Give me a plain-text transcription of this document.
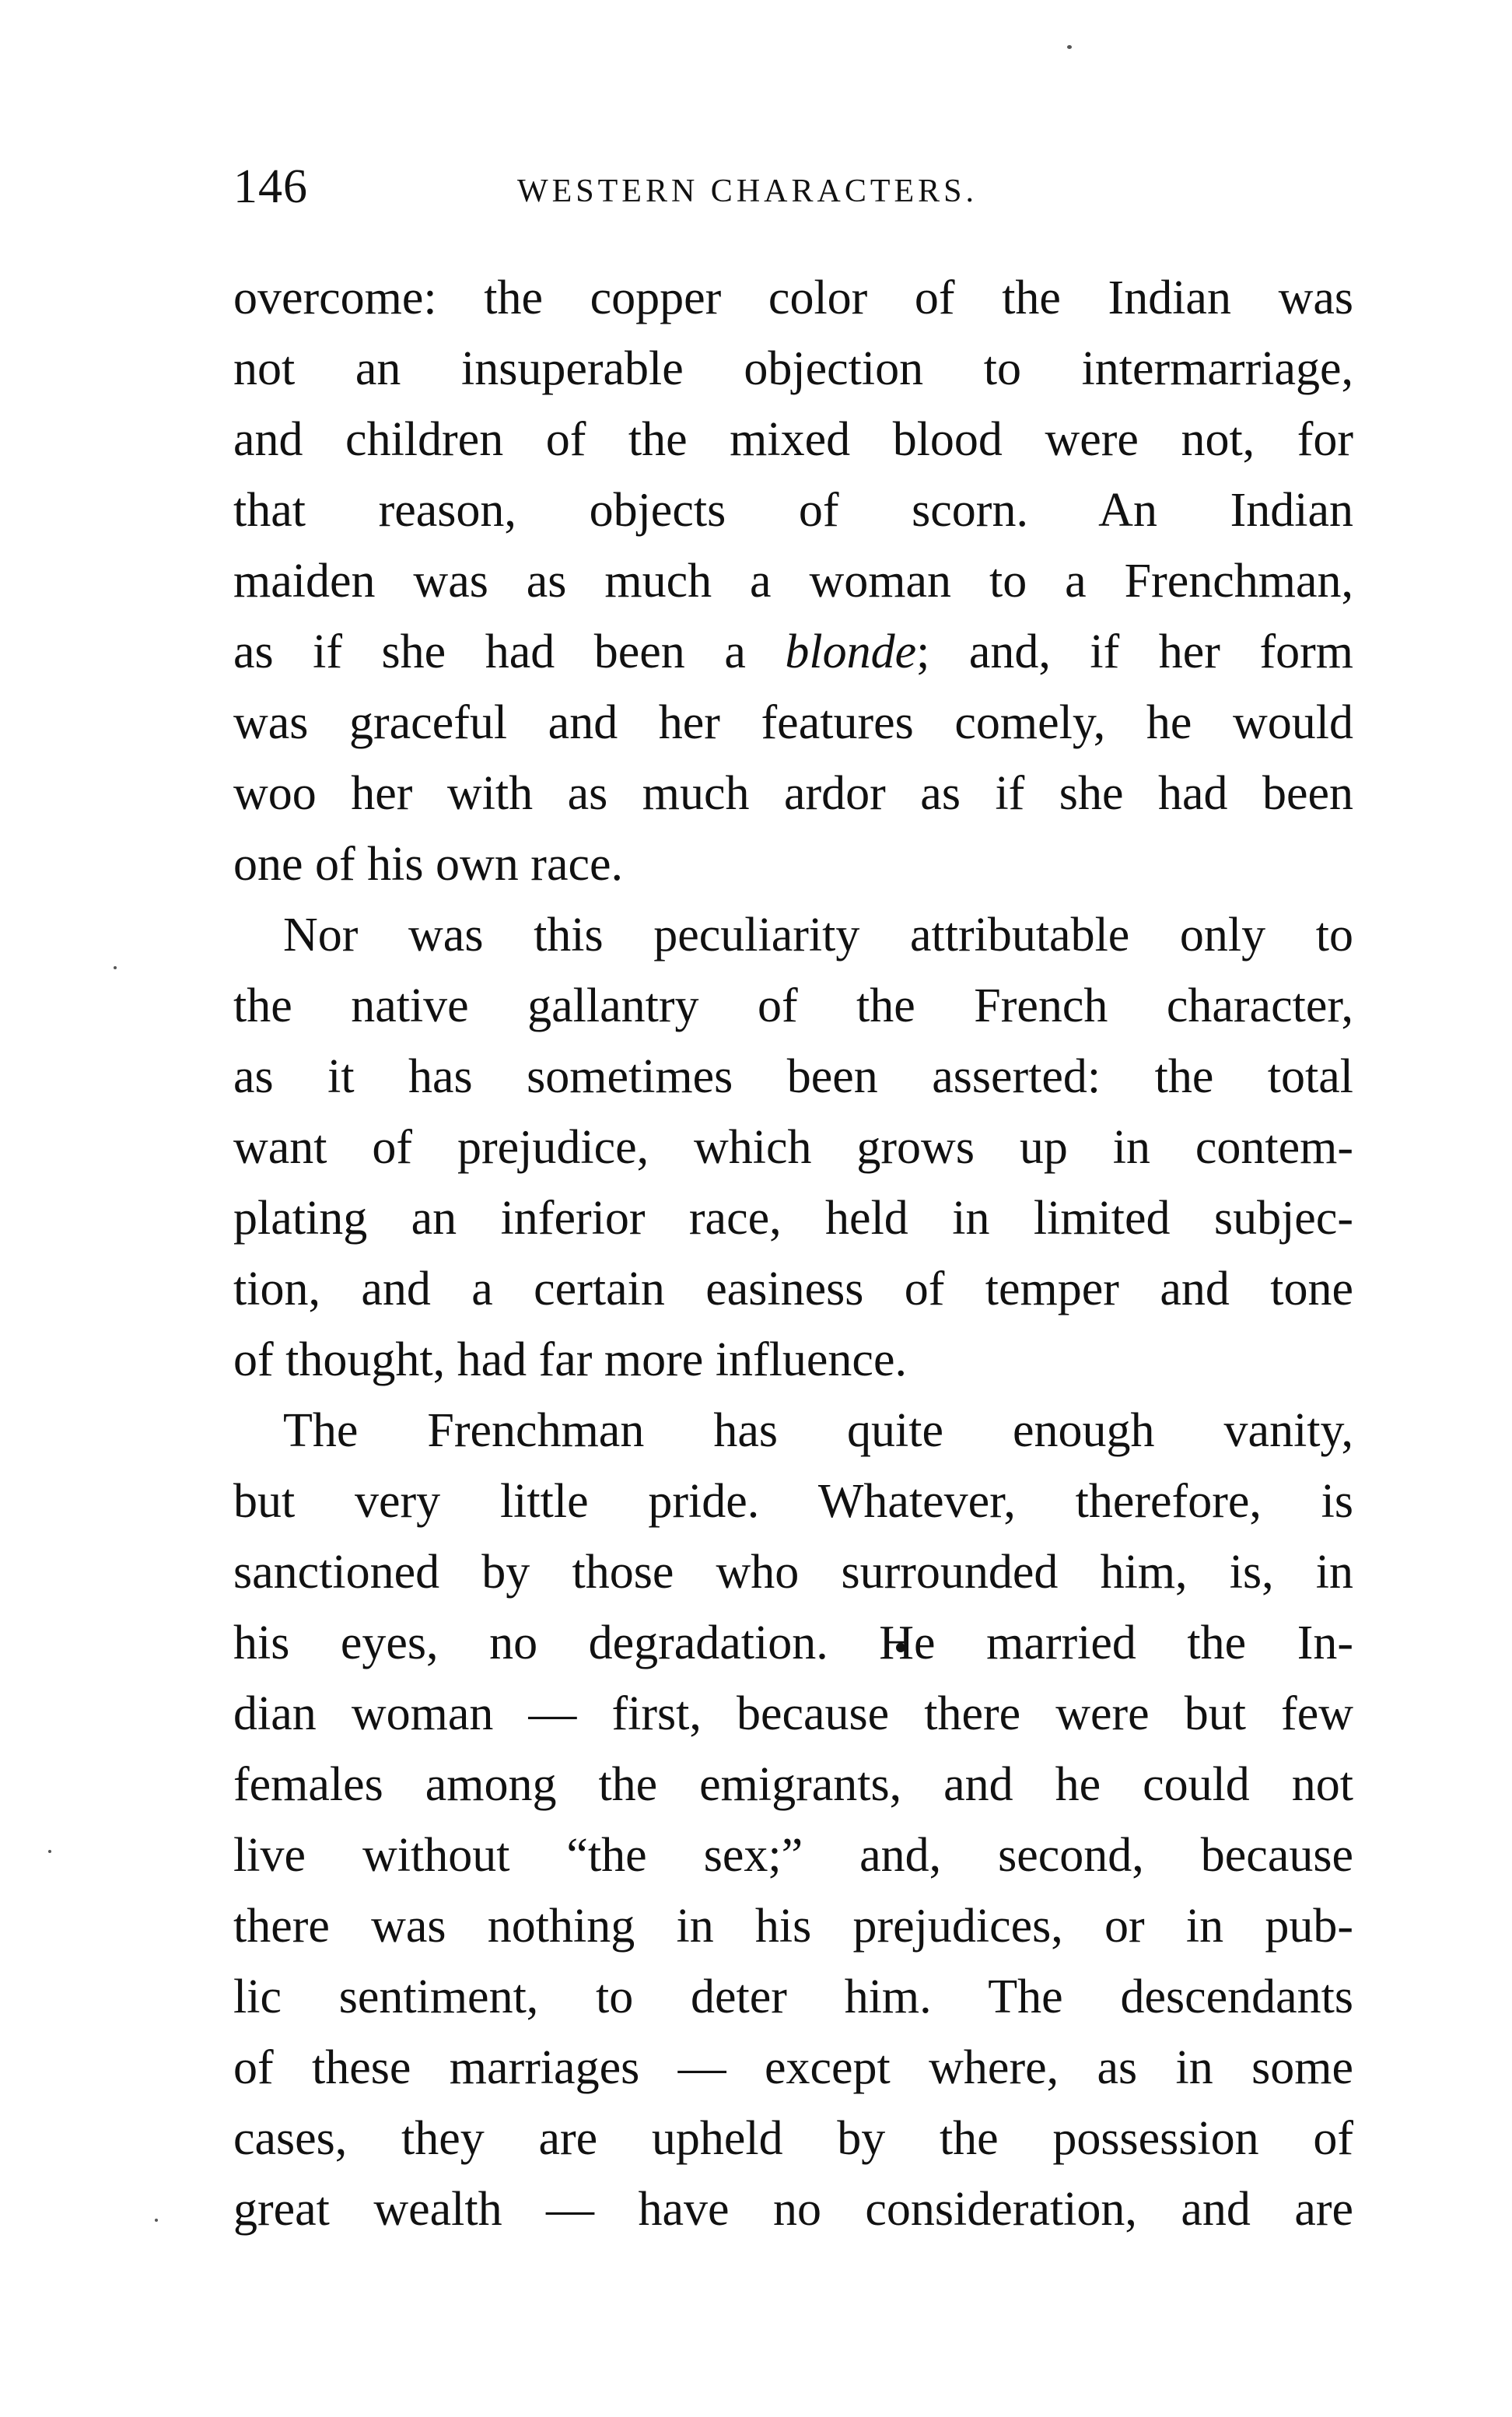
146	WESTERN CHARACTERS.
overcome: the copper color of the Indian was
not an insuperable objection to intermarriage,
and children of the mixed blood were not, for
that reason, objects of scorn. An Indian
maiden was as much a woman to a Frenchman,
as if she had been a blonde; and, if her form
was graceful and her features comely, he would
woo her with as much ardor as if she had been
one of his own race.
Nor was this peculiarity attributable only to
the native gallantry of the French character,
as it has sometimes been asserted: the total
want of prejudice, which grows up in contem-
plating an inferior race, held in limited subjec-
tion, and a certain easiness of temper and tone
of thought, had far more influence.
The Frenchman has quite enough vanity,
but very little pride. Whatever, therefore, is
sanctioned by those who surrounded him, is, in
his eyes, no degradation. He married the In-
dian woman — first, because there were but few
females among the emigrants, and he could not
live without “the sex;” and, second, because
there was nothing in his prejudices, or in pub-
lic sentiment, to deter him. The descendants
of these marriages — except where, as in some
cases, they are upheld by the possession of
great wealth — have no consideration, and are
